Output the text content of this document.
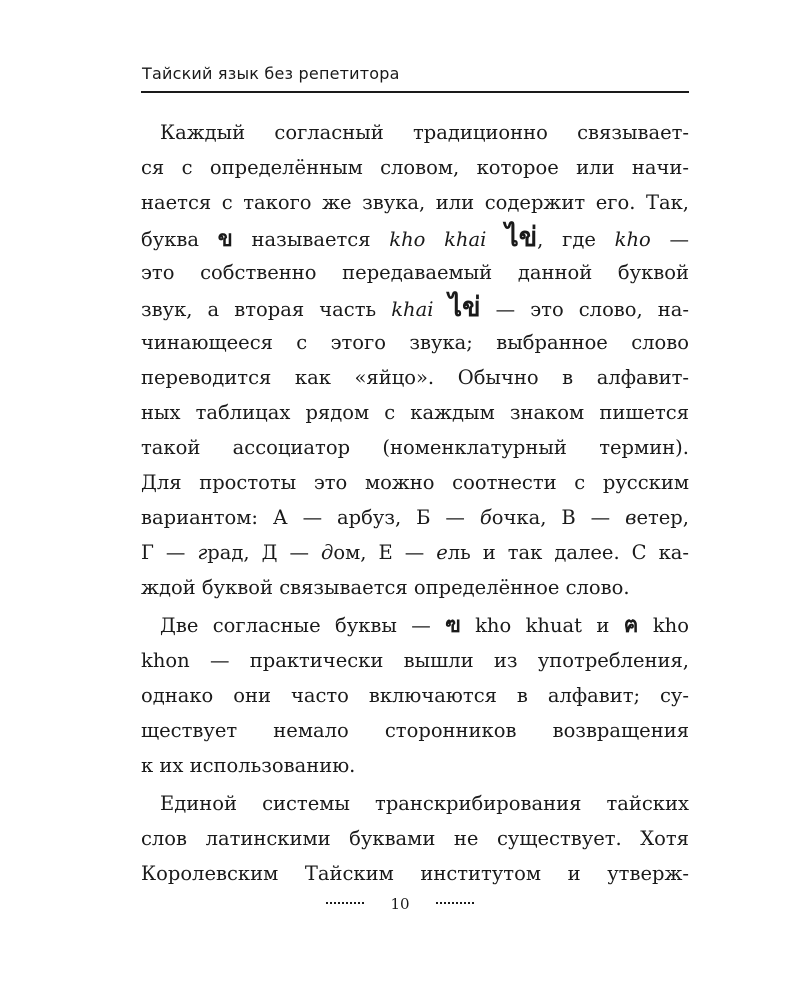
Тайский язык без репетитора
Каждый согласный традиционно связывает-
ся с определённым словом, которое или начи-
нается с такого же звука, или содержит его. Так,
буква ข называется kho khai ไข่, где kho —
это собственно передаваемый данной буквой
звук, а вторая часть khai ไข่ — это слово, на-
чинающееся с этого звука; выбранное слово
переводится как «яйцо». Обычно в алфавит-
ных таблицах рядом с каждым знаком пишется
такой ассоциатор (номенклатурный термин).
Для простоты это можно соотнести с русским
вариантом: А — арбуз, Б — бочка, В — ветер,
Г — град, Д — дом, Е — ель и так далее. С ка-
ждой буквой связывается определённое слово.
Две согласные буквы — ฃ kho khuat и ฅ kho
khon — практически вышли из употребления,
однако они часто включаются в алфавит; су-
ществует немало сторонников возвращения
к их использованию.
Единой системы транскрибирования тайских
слов латинскими буквами не существует. Хотя
Королевским Тайским институтом и утверж-
10
